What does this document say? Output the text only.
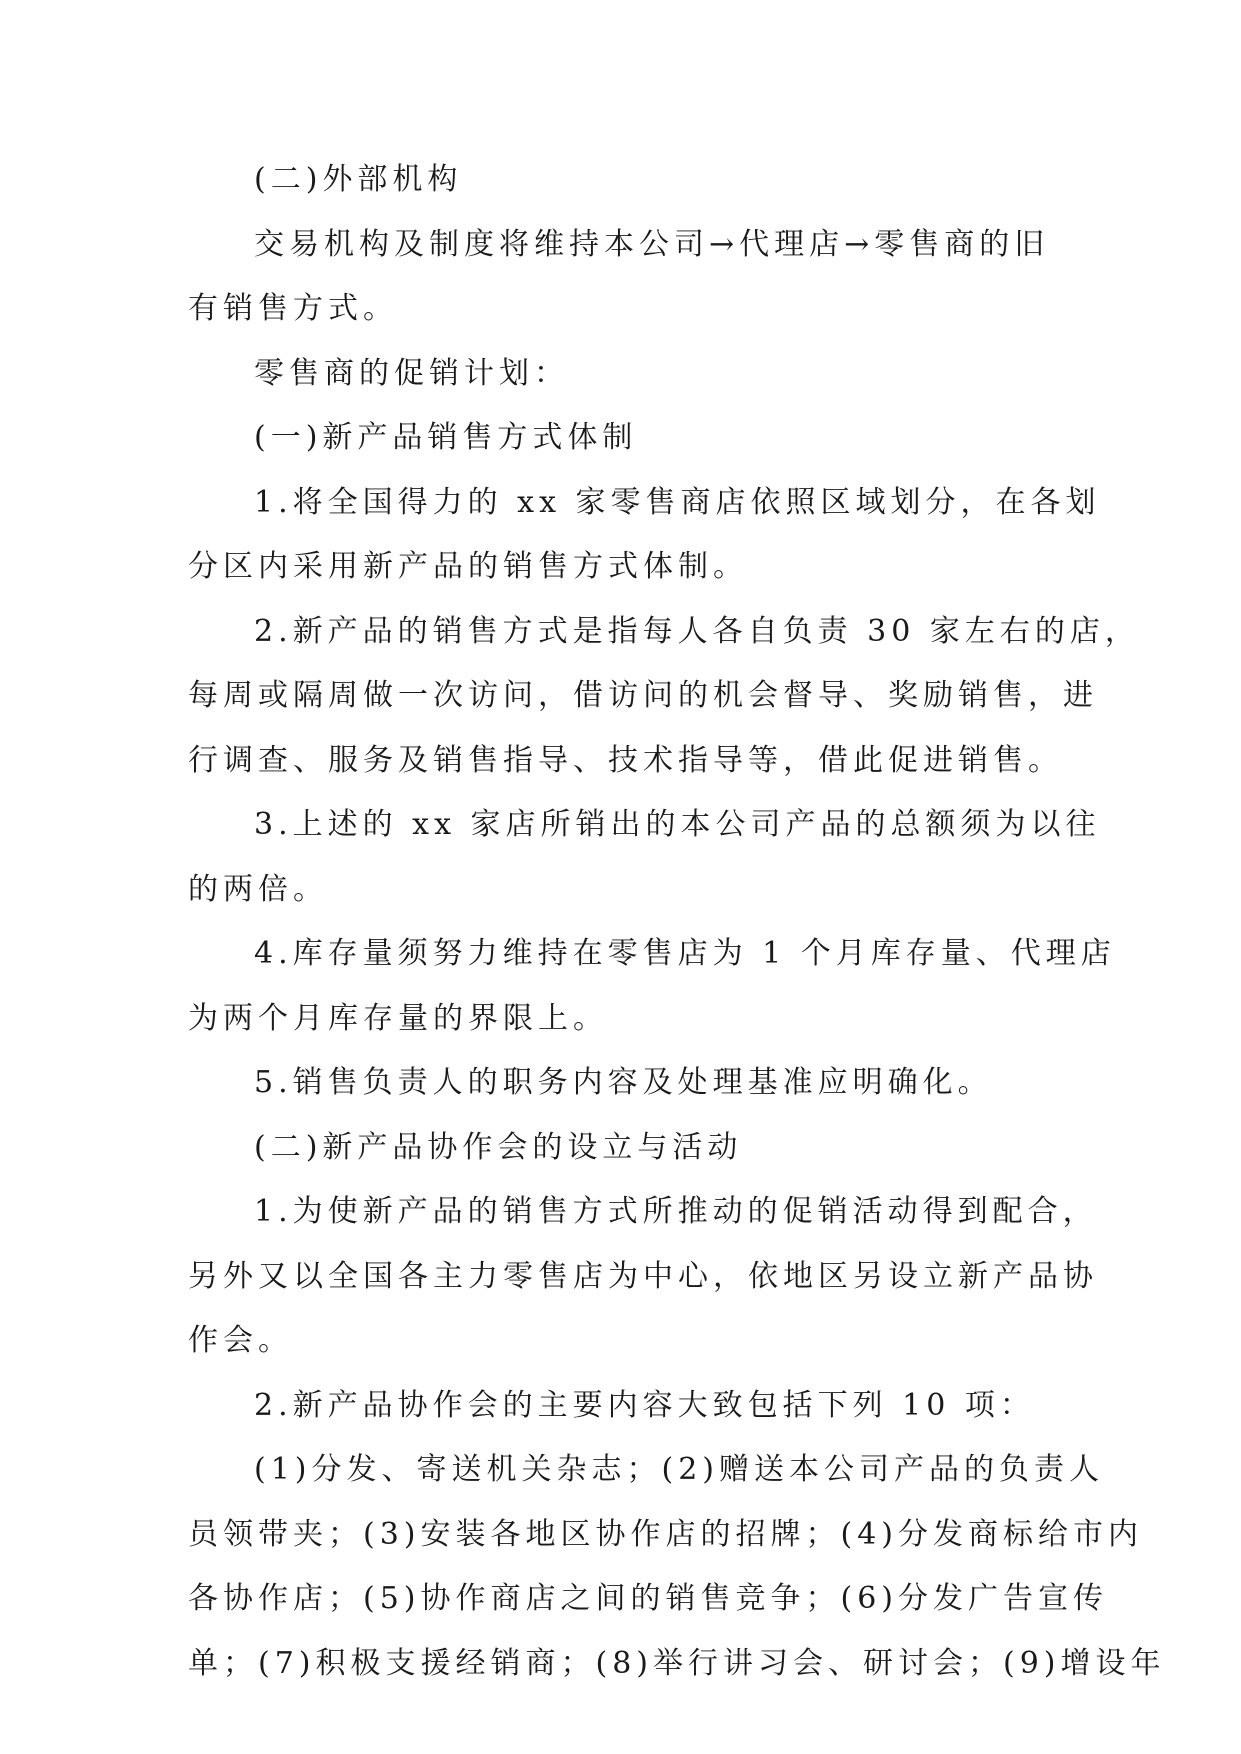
(二)外部机构
交易机构及制度将维持本公司→代理店→零售商的旧
有销售方式。
零售商的促销计划：
(一)新产品销售方式体制
1.将全国得力的 xx 家零售商店依照区域划分，在各划
分区内采用新产品的销售方式体制。
2.新产品的销售方式是指每人各自负责 30 家左右的店，
每周或隔周做一次访问，借访问的机会督导、奖励销售，进
行调查、服务及销售指导、技术指导等，借此促进销售。
3.上述的 xx 家店所销出的本公司产品的总额须为以往
的两倍。
4.库存量须努力维持在零售店为 1 个月库存量、代理店
为两个月库存量的界限上。
5.销售负责人的职务内容及处理基准应明确化。
(二)新产品协作会的设立与活动
1.为使新产品的销售方式所推动的促销活动得到配合，
另外又以全国各主力零售店为中心，依地区另设立新产品协
作会。
2.新产品协作会的主要内容大致包括下列 10 项：
(1)分发、寄送机关杂志；(2)赠送本公司产品的负责人
员领带夹；(3)安装各地区协作店的招牌；(4)分发商标给市内
各协作店；(5)协作商店之间的销售竞争；(6)分发广告宣传
单；(7)积极支援经销商；(8)举行讲习会、研讨会；(9)增设年
